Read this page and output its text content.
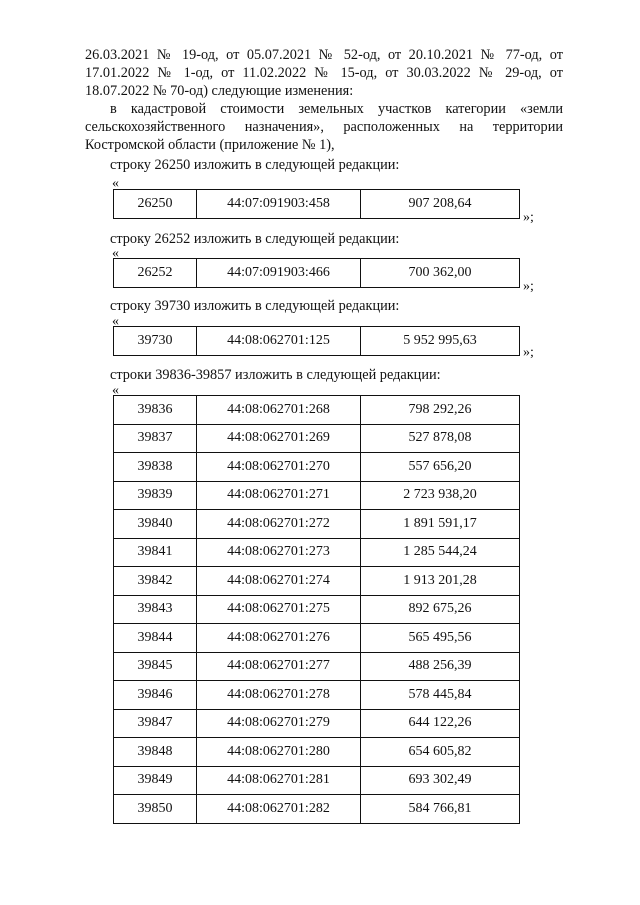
26.03.2021 № 19-од, от 05.07.2021 № 52-од, от 20.10.2021 № 77-од, от
17.01.2022 № 1-од, от 11.02.2022 № 15-од, от 30.03.2022 № 29-од, от
18.07.2022 № 70-од) следующие изменения:
в кадастровой стоимости земельных участков категории «земли
сельскохозяйственного назначения», расположенных на территории
Костромской области (приложение № 1),
строку 26250 изложить в следующей редакции:
«
26250	44:07:091903:458	907 208,64
»;
строку 26252 изложить в следующей редакции:
«
26252	44:07:091903:466	700 362,00
»;
строку 39730 изложить в следующей редакции:
«
39730	44:08:062701:125	5 952 995,63
»;
строки 39836-39857 изложить в следующей редакции:
«
39836	44:08:062701:268	798 292,26
39837	44:08:062701:269	527 878,08
39838	44:08:062701:270	557 656,20
39839	44:08:062701:271	2 723 938,20
39840	44:08:062701:272	1 891 591,17
39841	44:08:062701:273	1 285 544,24
39842	44:08:062701:274	1 913 201,28
39843	44:08:062701:275	892 675,26
39844	44:08:062701:276	565 495,56
39845	44:08:062701:277	488 256,39
39846	44:08:062701:278	578 445,84
39847	44:08:062701:279	644 122,26
39848	44:08:062701:280	654 605,82
39849	44:08:062701:281	693 302,49
39850	44:08:062701:282	584 766,81
